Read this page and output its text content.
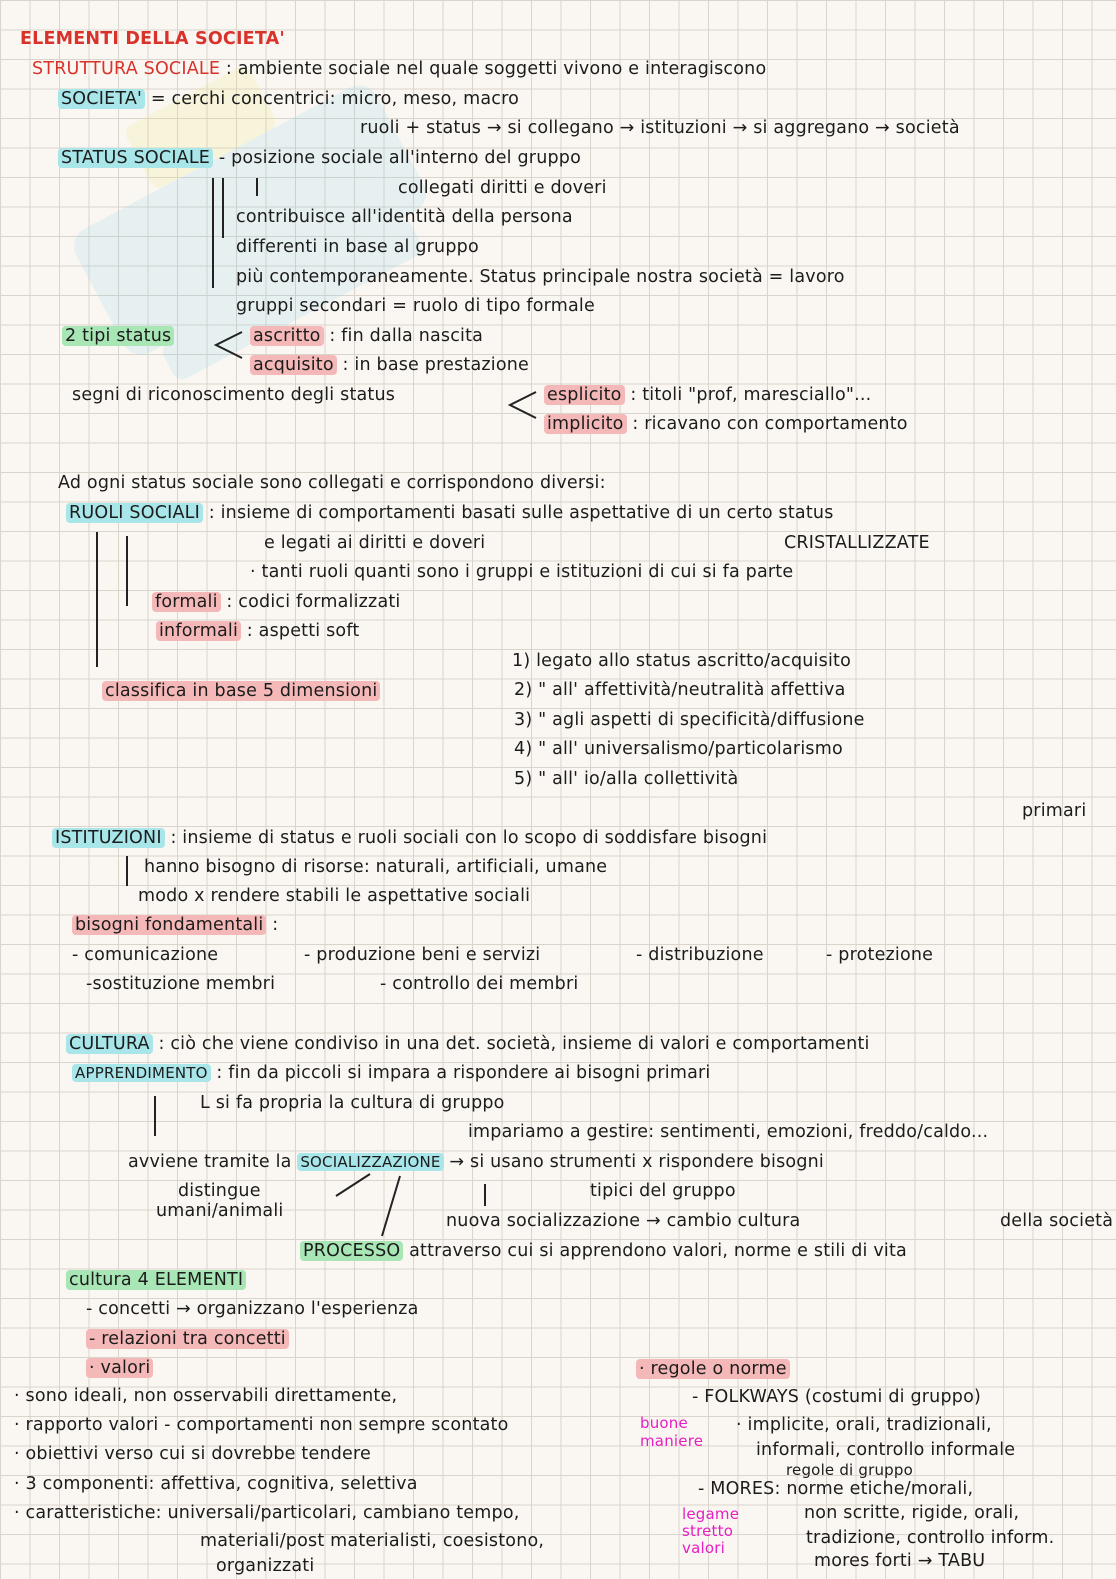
ELEMENTI DELLA SOCIETA'
STRUTTURA SOCIALE : ambiente sociale nel quale soggetti vivono e interagiscono
SOCIETA' = cerchi concentrici: micro, meso, macro
ruoli + status → si collegano → istituzioni → si aggregano → società
STATUS SOCIALE - posizione sociale all'interno del gruppo
collegati diritti e doveri
contribuisce all'identità della persona
differenti in base al gruppo
più contemporaneamente. Status principale nostra società = lavoro
gruppi secondari = ruolo di tipo formale
2 tipi status	ascritto : fin dalla nascita
acquisito : in base prestazione
segni di riconoscimento degli status	esplicito : titoli "prof, maresciallo"...
implicito : ricavano con comportamento
Ad ogni status sociale sono collegati e corrispondono diversi:
RUOLI SOCIALI : insieme di comportamenti basati sulle aspettative di un certo status
e legati ai diritti e doveri	CRISTALLIZZATE
· tanti ruoli quanti sono i gruppi e istituzioni di cui si fa parte
formali : codici formalizzati
informali : aspetti soft
classifica in base 5 dimensioni
1) legato allo status ascritto/acquisito
2) " all' affettività/neutralità affettiva
3) " agli aspetti di specificità/diffusione
4) " all' universalismo/particolarismo
5) " all' io/alla collettività
primari
ISTITUZIONI : insieme di status e ruoli sociali con lo scopo di soddisfare bisogni
hanno bisogno di risorse: naturali, artificiali, umane
modo x rendere stabili le aspettative sociali
bisogni fondamentali :
- comunicazione	- produzione beni e servizi	- distribuzione	- protezione
-sostituzione membri	- controllo dei membri
CULTURA : ciò che viene condiviso in una det. società, insieme di valori e comportamenti
APPRENDIMENTO : fin da piccoli si impara a rispondere ai bisogni primari
L si fa propria la cultura di gruppo
impariamo a gestire: sentimenti, emozioni, freddo/caldo...
avviene tramite la SOCIALIZZAZIONE → si usano strumenti x rispondere bisogni
distingue	tipici del gruppo
umani/animali	nuova socializzazione → cambio cultura	della società
PROCESSO attraverso cui si apprendono valori, norme e stili di vita
cultura 4 ELEMENTI
- concetti → organizzano l'esperienza
- relazioni tra concetti
· valori
· sono ideali, non osservabili direttamente,
· rapporto valori - comportamenti non sempre scontato
· obiettivi verso cui si dovrebbe tendere
· 3 componenti: affettiva, cognitiva, selettiva
· caratteristiche: universali/particolari, cambiano tempo,
materiali/post materialisti, coesistono,
organizzati
· regole o norme
- FOLKWAYS (costumi di gruppo)
buone maniere
· implicite, orali, tradizionali,
informali, controllo informale
regole di gruppo
- MORES: norme etiche/morali,
legame stretto valori
non scritte, rigide, orali,
tradizione, controllo inform.
mores forti → TABU
